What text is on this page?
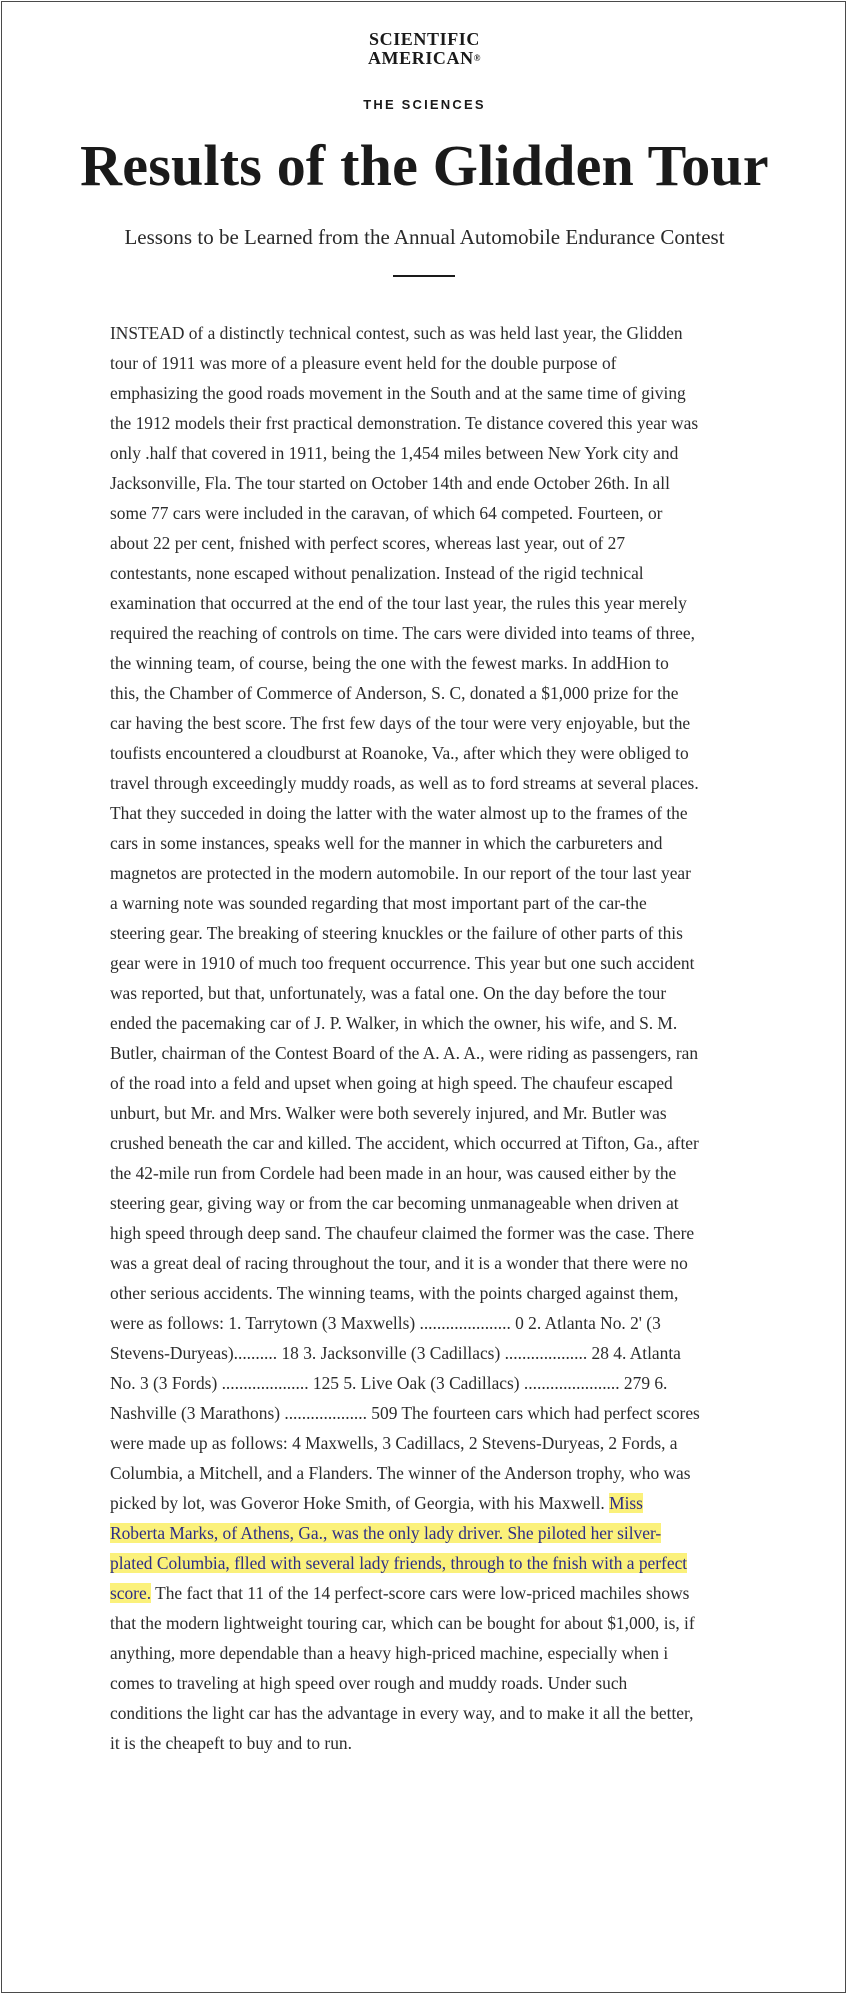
SCIENTIFIC
AMERICAN®
THE SCIENCES
Results of the Glidden Tour
Lessons to be Learned from the Annual Automobile Endurance Contest

INSTEAD of a distinctly technical contest, such as was held last year, the Glidden tour of 1911 was more of a pleasure event held for the double purpose of emphasizing the good roads movement in the South and at the same time of giving the 1912 models their frst practical demonstration. Te distance covered this year was only .half that covered in 1911, being the 1,454 miles between New York city and Jacksonville, Fla. The tour started on October 14th and ende October 26th. In all some 77 cars were included in the caravan, of which 64 competed. Fourteen, or about 22 per cent, fnished with perfect scores, whereas last year, out of 27 contestants, none escaped without penalization. Instead of the rigid technical examination that occurred at the end of the tour last year, the rules this year merely required the reaching of controls on time. The cars were divided into teams of three, the winning team, of course, being the one with the fewest marks. In addHion to this, the Chamber of Commerce of Anderson, S. C, donated a $1,000 prize for the car having the best score. The frst few days of the tour were very enjoyable, but the toufists encountered a cloudburst at Roanoke, Va., after which they were obliged to travel through exceedingly muddy roads, as well as to ford streams at several places. That they succeded in doing the latter with the water almost up to the frames of the cars in some instances, speaks well for the manner in which the carbureters and magnetos are protected in the modern automobile. In our report of the tour last year a warning note was sounded regarding that most important part of the car-the steering gear. The breaking of steering knuckles or the failure of other parts of this gear were in 1910 of much too frequent occurrence. This year but one such accident was reported, but that, unfortunately, was a fatal one. On the day before the tour ended the pacemaking car of J. P. Walker, in which the owner, his wife, and S. M. Butler, chairman of the Contest Board of the A. A. A., were riding as passengers, ran of the road into a feld and upset when going at high speed. The chaufeur escaped unburt, but Mr. and Mrs. Walker were both severely injured, and Mr. Butler was crushed beneath the car and killed. The accident, which occurred at Tifton, Ga., after the 42-mile run from Cordele had been made in an hour, was caused either by the steering gear, giving way or from the car becoming unmanageable when driven at high speed through deep sand. The chaufeur claimed the former was the case. There was a great deal of racing throughout the tour, and it is a wonder that there were no other serious accidents. The winning teams, with the points charged against them, were as follows: 1. Tarrytown (3 Maxwells) ..................... 0 2. Atlanta No. 2' (3 Stevens-Duryeas).......... 18 3. Jacksonville (3 Cadillacs) ................... 28 4. Atlanta No. 3 (3 Fords) .................... 125 5. Live Oak (3 Cadillacs) ...................... 279 6. Nashville (3 Marathons) ................... 509 The fourteen cars which had perfect scores were made up as follows: 4 Maxwells, 3 Cadillacs, 2 Stevens-Duryeas, 2 Fords, a Columbia, a Mitchell, and a Flanders. The winner of the Anderson trophy, who was picked by lot, was Goveror Hoke Smith, of Georgia, with his Maxwell. Miss Roberta Marks, of Athens, Ga., was the only lady driver. She piloted her silver-plated Columbia, flled with several lady friends, through to the fnish with a perfect score. The fact that 11 of the 14 perfect-score cars were low-priced machiles shows that the modern lightweight touring car, which can be bought for about $1,000, is, if anything, more dependable than a heavy high-priced machine, especially when i comes to traveling at high speed over rough and muddy roads. Under such conditions the light car has the advantage in every way, and to make it all the better, it is the cheapeft to buy and to run.
